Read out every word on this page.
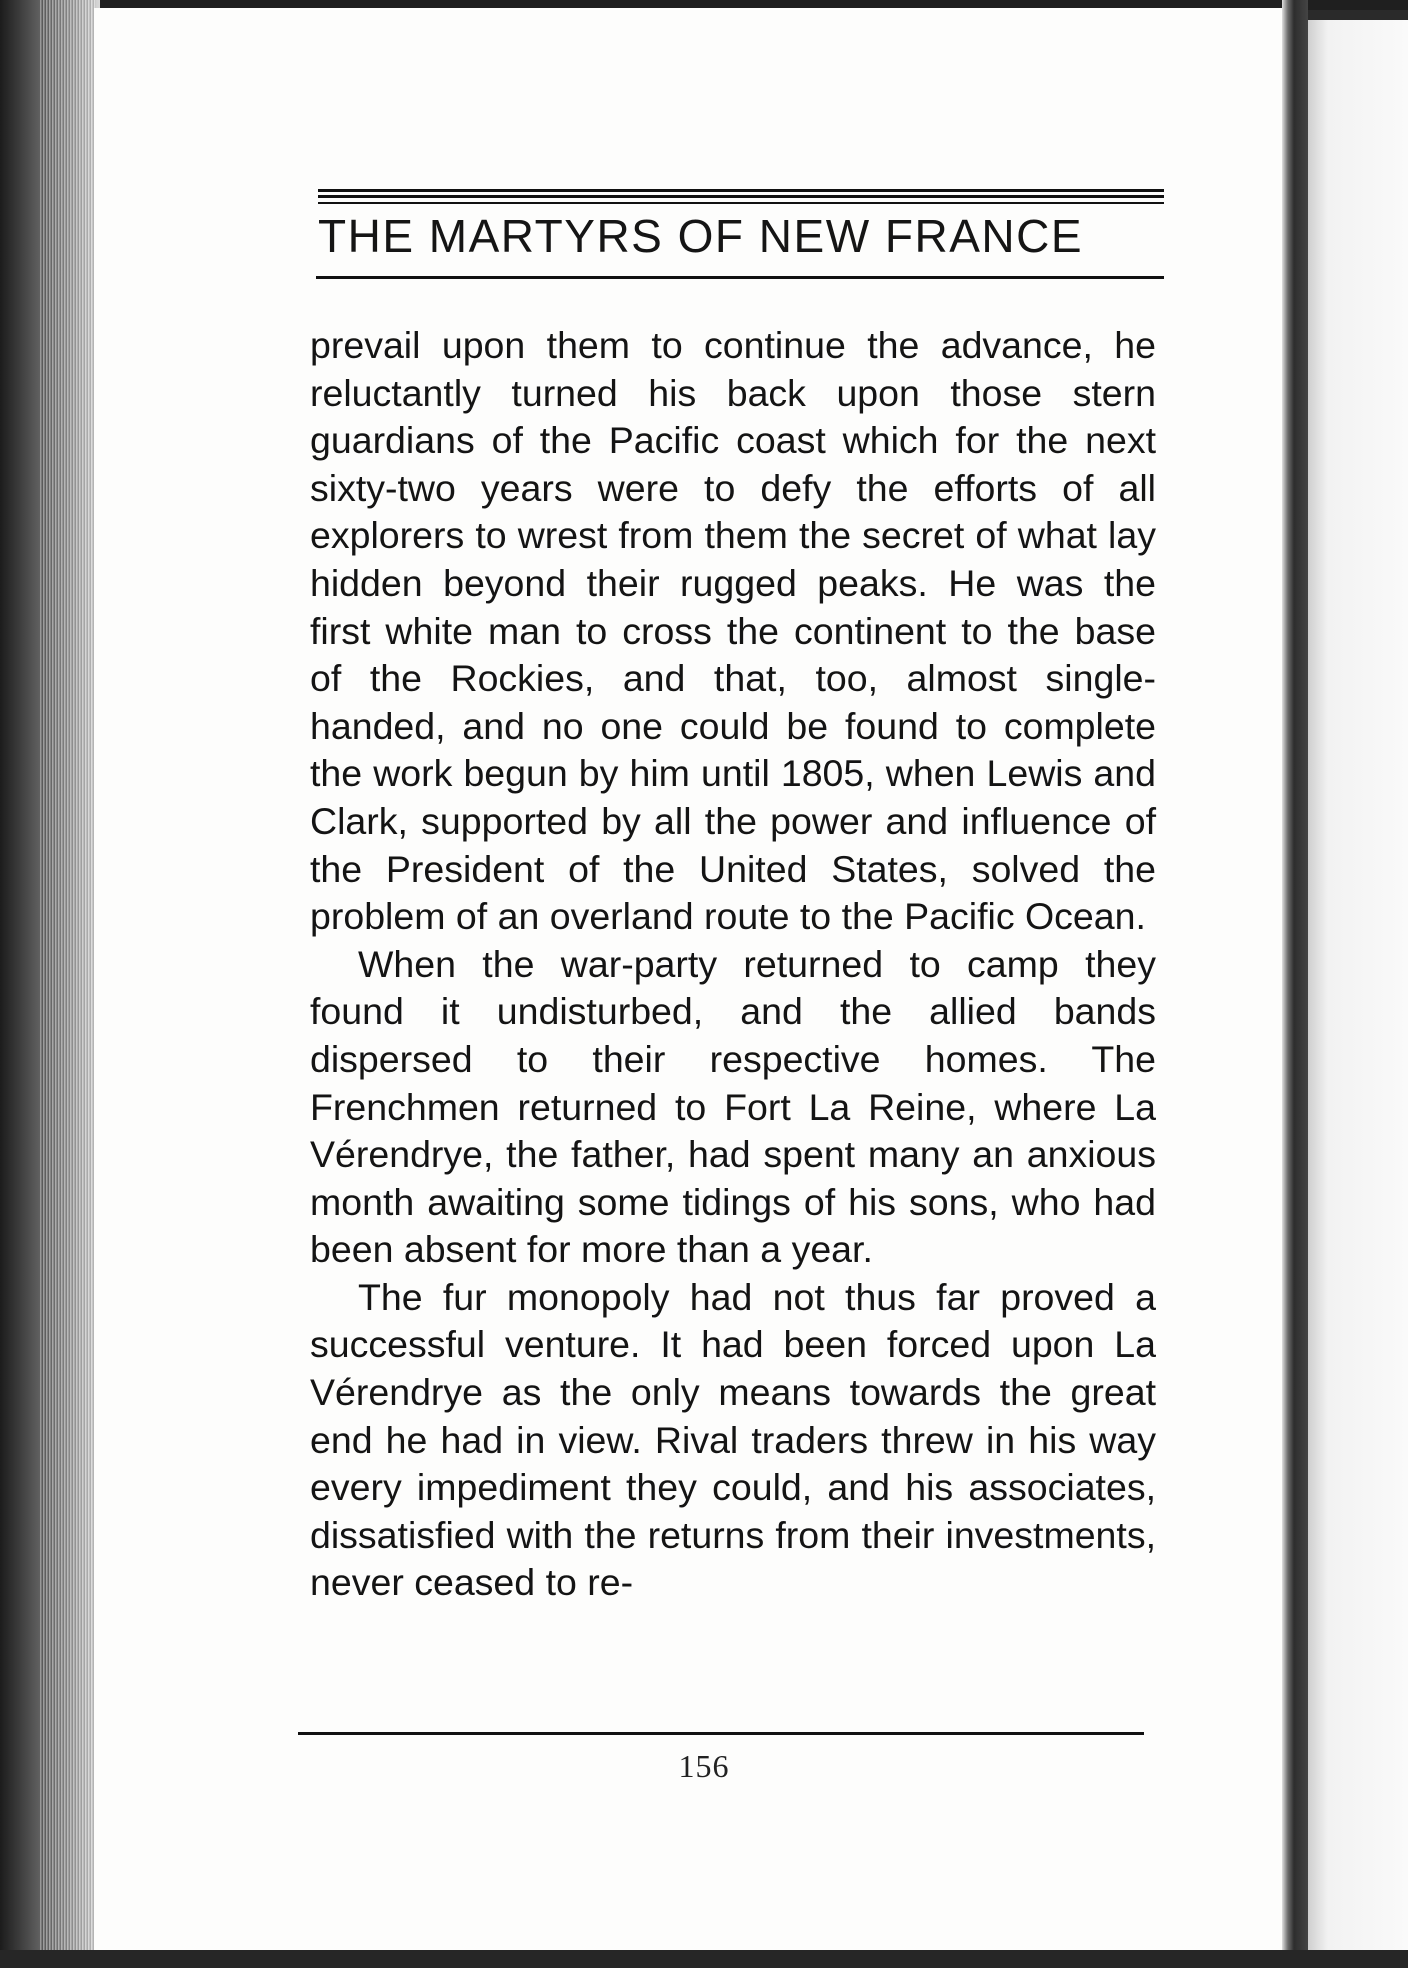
THE MARTYRS OF NEW FRANCE

prevail upon them to continue the advance, he reluctantly turned his back upon those stern guardians of the Pacific coast which for the next sixty-two years were to defy the efforts of all explorers to wrest from them the secret of what lay hidden beyond their rugged peaks. He was the first white man to cross the continent to the base of the Rockies, and that, too, almost single-handed, and no one could be found to complete the work begun by him until 1805, when Lewis and Clark, supported by all the power and influence of the President of the United States, solved the problem of an overland route to the Pacific Ocean.

When the war-party returned to camp they found it undisturbed, and the allied bands dispersed to their respective homes. The Frenchmen returned to Fort La Reine, where La Vérendrye, the father, had spent many an anxious month awaiting some tidings of his sons, who had been absent for more than a year.

The fur monopoly had not thus far proved a successful venture. It had been forced upon La Vérendrye as the only means towards the great end he had in view. Rival traders threw in his way every impediment they could, and his associates, dissatisfied with the returns from their investments, never ceased to re-

156
